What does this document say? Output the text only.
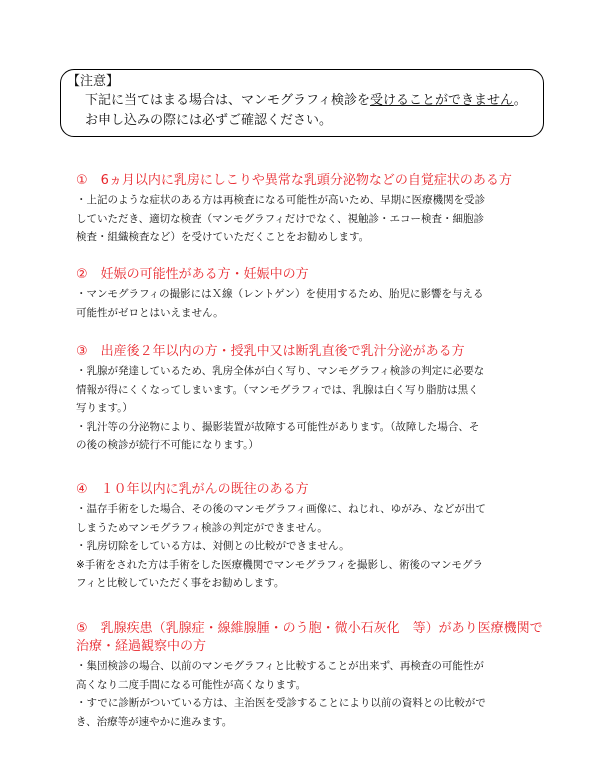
【注意】
下記に当てはまる場合は、マンモグラフィ検診を受けることができません。
お申し込みの際には必ずご確認ください。

①　6ヵ月以内に乳房にしこりや異常な乳頭分泌物などの自覚症状のある方

・上記のような症状のある方は再検査になる可能性が高いため、早期に医療機関を受診
していただき、適切な検査（マンモグラフィだけでなく、視触診・エコー検査・細胞診
検査・組織検査など）を受けていただくことをお勧めします。

②　妊娠の可能性がある方・妊娠中の方

・マンモグラフィの撮影にはＸ線（レントゲン）を使用するため、胎児に影響を与える
可能性がゼロとはいえません。

③　出産後２年以内の方・授乳中又は断乳直後で乳汁分泌がある方

・乳腺が発達しているため、乳房全体が白く写り、マンモグラフィ検診の判定に必要な
情報が得にくくなってしまいます。（マンモグラフィでは、乳腺は白く写り脂肪は黒く
写ります。）
・乳汁等の分泌物により、撮影装置が故障する可能性があります。（故障した場合、そ
の後の検診が続行不可能になります。）

④　１０年以内に乳がんの既往のある方

・温存手術をした場合、その後のマンモグラフィ画像に、ねじれ、ゆがみ、などが出て
しまうためマンモグラフィ検診の判定ができません。
・乳房切除をしている方は、対側との比較ができません。
※手術をされた方は手術をした医療機関でマンモグラフィを撮影し、術後のマンモグラ
フィと比較していただく事をお勧めします。

⑤　乳腺疾患（乳腺症・線維腺腫・のう胞・微小石灰化　等）があり医療機関で

治療・経過観察中の方

・集団検診の場合、以前のマンモグラフィと比較することが出来ず、再検査の可能性が
高くなり二度手間になる可能性が高くなります。
・すでに診断がついている方は、主治医を受診することにより以前の資料との比較がで
き、治療等が速やかに進みます。
